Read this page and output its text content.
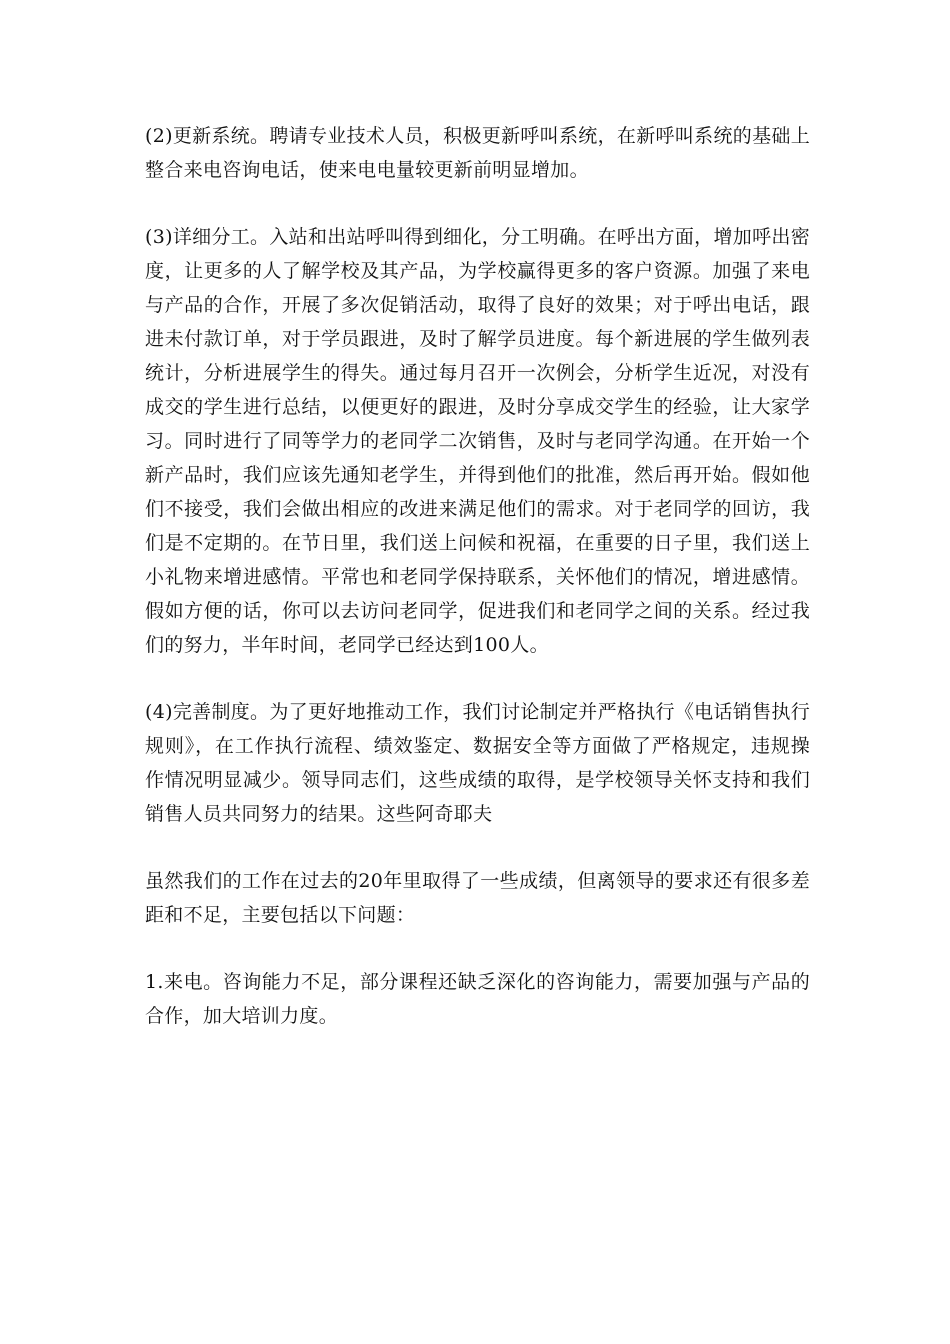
(2)更新系统。聘请专业技术人员，积极更新呼叫系统，在新呼叫系统的基础上整合来电咨询电话，使来电电量较更新前明显增加。

(3)详细分工。入站和出站呼叫得到细化，分工明确。在呼出方面，增加呼出密度，让更多的人了解学校及其产品，为学校赢得更多的客户资源。加强了来电与产品的合作，开展了多次促销活动，取得了良好的效果；对于呼出电话，跟进未付款订单，对于学员跟进，及时了解学员进度。每个新进展的学生做列表统计，分析进展学生的得失。通过每月召开一次例会，分析学生近况，对没有成交的学生进行总结，以便更好的跟进，及时分享成交学生的经验，让大家学习。同时进行了同等学力的老同学二次销售，及时与老同学沟通。在开始一个新产品时，我们应该先通知老学生，并得到他们的批准，然后再开始。假如他们不接受，我们会做出相应的改进来满足他们的需求。对于老同学的回访，我们是不定期的。在节日里，我们送上问候和祝福，在重要的日子里，我们送上小礼物来增进感情。平常也和老同学保持联系，关怀他们的情况，增进感情。假如方便的话，你可以去访问老同学，促进我们和老同学之间的关系。经过我们的努力，半年时间，老同学已经达到100人。

(4)完善制度。为了更好地推动工作，我们讨论制定并严格执行《电话销售执行规则》，在工作执行流程、绩效鉴定、数据安全等方面做了严格规定，违规操作情况明显减少。领导同志们，这些成绩的取得，是学校领导关怀支持和我们销售人员共同努力的结果。这些阿奇耶夫

虽然我们的工作在过去的20年里取得了一些成绩，但离领导的要求还有很多差距和不足，主要包括以下问题：

1.来电。咨询能力不足，部分课程还缺乏深化的咨询能力，需要加强与产品的合作，加大培训力度。
